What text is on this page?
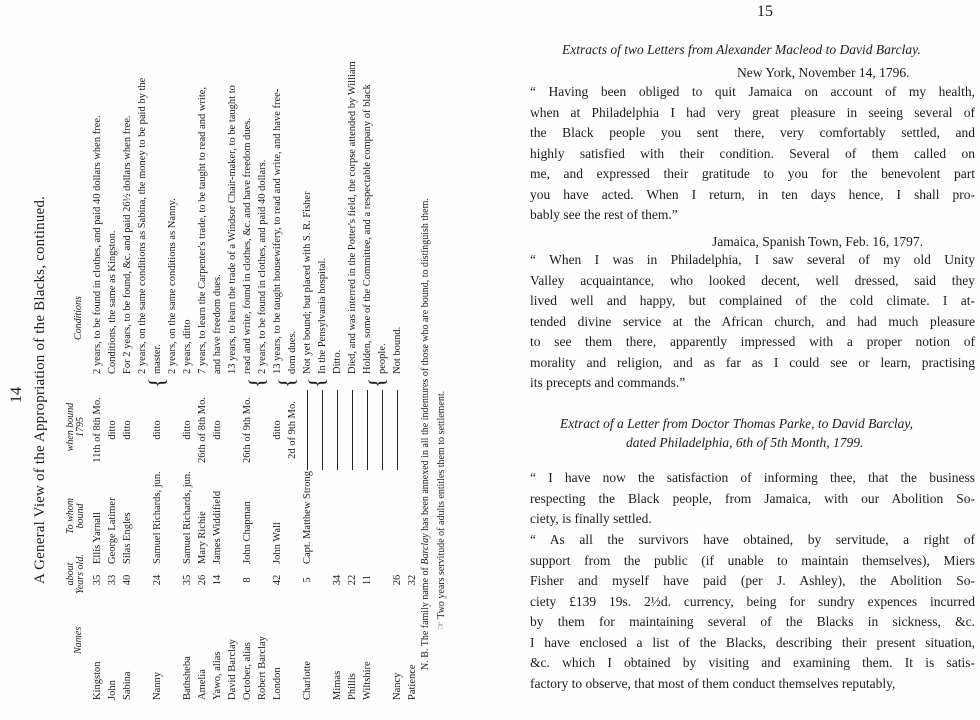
14 A General View of the Appropriation of the Blacks, continued.
Names
about Years old.
To whom bound
when bound 1795
Conditions
Kingston
35
Ellis Yarnall
11th of 8th Mo.
2 years, to be found in clothes, and paid 40 dollars when free.
John
33
George Latimer
ditto
Conditions, the same as Kingston.
Sabina
40
Silas Engles
ditto
For 2 years, to be found, &c. and paid 26½ dollars when free. 2 years, on the same conditions as Sabina, the money to be paid by the
Nanny
24
Samuel Richards, jun.
ditto
master. 2 years, on the same conditions as Nanny.
Bathsheba
35
Samuel Richards, jun.
ditto
2 years, ditto
Amelia
26
Mary Richie
26th of 8th Mo.
7 years, to learn the Carpenter's trade, to be taught to read and write,
Yawo, alias
14
James Widdifield
ditto
and have freedom dues.
David Barclay
13 years, to learn the trade of a Windsor Chair-maker, to be taught to
October, alias
8
John Chapman
26th of 9th Mo.
read and write, found in clothes, &c. and have freedom dues.
Robert Barclay
2 years, to be found in clothes, and paid 40 dollars.
London
42
John Wall
ditto
13 years, to be taught housewifery, to read and write, and have free-
2d of 9th Mo.
dom dues.
Charlotte
5
Capt. Matthew Strong
Not yet bound; but placed with S. R. Fisher In the Pensylvania hospital.
Mimas
34
Ditto.
Phillis
22
Died, and was interred in the Potter's field, the corpse attended by William
Wiltshire
11
Holden, some of the Committee, and a respectable company of black people.
Nancy
26
Not bound.
Patience
32
{	{ { { {
N. B. The family name of Barclay has been annexed in all the indentures of those who are bound, to distinguish them.
☞ Two years servitude of adults entitles them to settlement.
15
Extracts of two Letters from Alexander Macleod to David Barclay.
New York, November 14, 1796.
“ Having been obliged to quit Jamaica on account of my health,
when at Philadelphia I had very great pleasure in seeing several of
the Black people you sent there, very comfortably settled, and
highly satisfied with their condition. Several of them called on
me, and expressed their gratitude to you for the benevolent part
you have acted. When I return, in ten days hence, I shall pro-
bably see the rest of them.”
Jamaica, Spanish Town, Feb. 16, 1797.
“ When I was in Philadelphia, I saw several of my old Unity
Valley acquaintance, who looked decent, well dressed, said they
lived well and happy, but complained of the cold climate. I at-
tended divine service at the African church, and had much pleasure
to see them there, apparently impressed with a proper notion of
morality and religion, and as far as I could see or learn, practising
its precepts and commands.”
Extract of a Letter from Doctor Thomas Parke, to David Barclay,
dated Philadelphia, 6th of 5th Month, 1799.
“ I have now the satisfaction of informing thee, that the business
respecting the Black people, from Jamaica, with our Abolition So-
ciety, is finally settled.
“ As all the survivors have obtained, by servitude, a right of
support from the public (if unable to maintain themselves), Miers
Fisher and myself have paid (per J. Ashley), the Abolition So-
ciety £139 19s. 2½d. currency, being for sundry expences incurred
by them for maintaining several of the Blacks in sickness, &c.
I have enclosed a list of the Blacks, describing their present situation,
&c. which I obtained by visiting and examining them. It is satis-
factory to observe, that most of them conduct themselves reputably,
